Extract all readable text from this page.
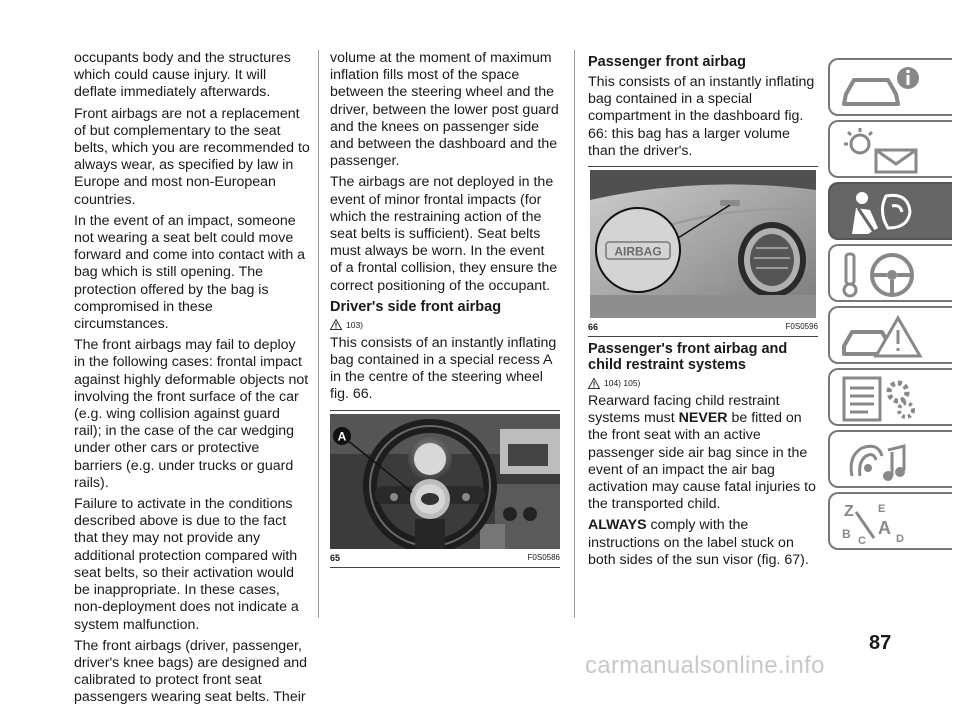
occupants body and the structures which could cause injury. It will deflate immediately afterwards.

Front airbags are not a replacement of but complementary to the seat belts, which you are recommended to always wear, as specified by law in Europe and most non-European countries.

In the event of an impact, someone not wearing a seat belt could move forward and come into contact with a bag which is still opening. The protection offered by the bag is compromised in these circumstances.

The front airbags may fail to deploy in the following cases: frontal impact against highly deformable objects not involving the front surface of the car (e.g. wing collision against guard rail); in the case of the car wedging under other cars or protective barriers (e.g. under trucks or guard rails).

Failure to activate in the conditions described above is due to the fact that they may not provide any additional protection compared with seat belts, so their activation would be inappropriate. In these cases, non-deployment does not indicate a system malfunction.

The front airbags (driver, passenger, driver's knee bags) are designed and calibrated to protect front seat passengers wearing seat belts. Their

volume at the moment of maximum inflation fills most of the space between the steering wheel and the driver, between the lower post guard and the knees on passenger side and between the dashboard and the passenger.

The airbags are not deployed in the event of minor frontal impacts (for which the restraining action of the seat belts is sufficient). Seat belts must always be worn. In the event of a frontal collision, they ensure the correct positioning of the occupant.

Driver's side front airbag
103)

This consists of an instantly inflating bag contained in a special recess A in the centre of the steering wheel fig. 66.

A
65	F0S0586
Passenger front airbag

This consists of an instantly inflating bag contained in a special compartment in the dashboard fig. 66: this bag has a larger volume than the driver's.

500
AIRBAG
66	F0S0596
Passenger's front airbag and child restraint systems
104) 105)

Rearward facing child restraint systems must NEVER be fitted on the front seat with an active passenger side air bag since in the event of an impact the air bag activation may cause fatal injuries to the transported child.

ALWAYS comply with the instructions on the label stuck on both sides of the sun visor (fig. 67).

Z E
B A
C	D
87
carmanualsonline.info
